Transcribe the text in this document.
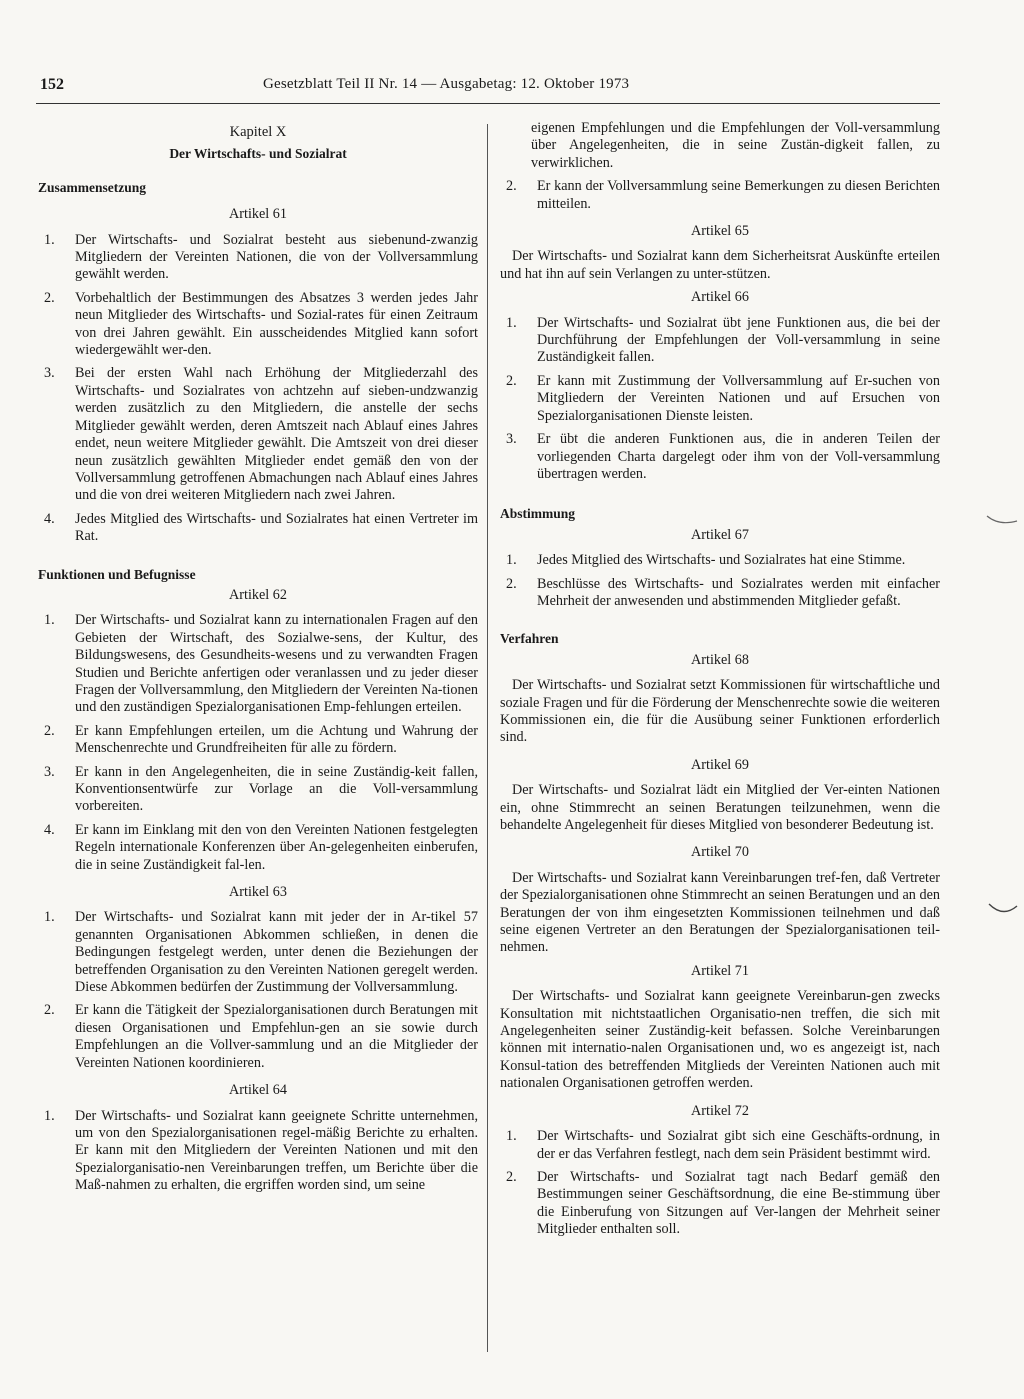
152	Gesetzblatt Teil II Nr. 14 — Ausgabetag: 12. Oktober 1973
Kapitel X
Der Wirtschafts- und Sozialrat
Zusammensetzung
Artikel 61
1.	Der Wirtschafts- und Sozialrat besteht aus siebenund-zwanzig Mitgliedern der Vereinten Nationen, die von der Vollversammlung gewählt werden.
2.	Vorbehaltlich der Bestimmungen des Absatzes 3 werden jedes Jahr neun Mitglieder des Wirtschafts- und Sozial-rates für einen Zeitraum von drei Jahren gewählt. Ein ausscheidendes Mitglied kann sofort wiedergewählt wer-den.
3.	Bei der ersten Wahl nach Erhöhung der Mitgliederzahl des Wirtschafts- und Sozialrates von achtzehn auf sieben-undzwanzig werden zusätzlich zu den Mitgliedern, die anstelle der sechs Mitglieder gewählt werden, deren Amtszeit nach Ablauf eines Jahres endet, neun weitere Mitglieder gewählt. Die Amtszeit von drei dieser neun zusätzlich gewählten Mitglieder endet gemäß den von der Vollversammlung getroffenen Abmachungen nach Ablauf eines Jahres und die von drei weiteren Mitgliedern nach zwei Jahren.
4.	Jedes Mitglied des Wirtschafts- und Sozialrates hat einen Vertreter im Rat.
Funktionen und Befugnisse
Artikel 62
1.	Der Wirtschafts- und Sozialrat kann zu internationalen Fragen auf den Gebieten der Wirtschaft, des Sozialwe-sens, der Kultur, des Bildungswesens, des Gesundheits-wesens und zu verwandten Fragen Studien und Berichte anfertigen oder veranlassen und zu jeder dieser Fragen der Vollversammlung, den Mitgliedern der Vereinten Na-tionen und den zuständigen Spezialorganisationen Emp-fehlungen erteilen.
2.	Er kann Empfehlungen erteilen, um die Achtung und Wahrung der Menschenrechte und Grundfreiheiten für alle zu fördern.
3.	Er kann in den Angelegenheiten, die in seine Zuständig-keit fallen, Konventionsentwürfe zur Vorlage an die Voll-versammlung vorbereiten.
4.	Er kann im Einklang mit den von den Vereinten Nationen festgelegten Regeln internationale Konferenzen über An-gelegenheiten einberufen, die in seine Zuständigkeit fal-len.
Artikel 63
1.	Der Wirtschafts- und Sozialrat kann mit jeder der in Ar-tikel 57 genannten Organisationen Abkommen schließen, in denen die Bedingungen festgelegt werden, unter denen die Beziehungen der betreffenden Organisation zu den Vereinten Nationen geregelt werden. Diese Abkommen bedürfen der Zustimmung der Vollversammlung.
2.	Er kann die Tätigkeit der Spezialorganisationen durch Beratungen mit diesen Organisationen und Empfehlun-gen an sie sowie durch Empfehlungen an die Vollver-sammlung und an die Mitglieder der Vereinten Nationen koordinieren.
Artikel 64
1.	Der Wirtschafts- und Sozialrat kann geeignete Schritte unternehmen, um von den Spezialorganisationen regel-mäßig Berichte zu erhalten. Er kann mit den Mitgliedern der Vereinten Nationen und mit den Spezialorganisatio-nen Vereinbarungen treffen, um Berichte über die Maß-nahmen zu erhalten, die ergriffen worden sind, um seine
eigenen Empfehlungen und die Empfehlungen der Voll-versammlung über Angelegenheiten, die in seine Zustän-digkeit fallen, zu verwirklichen.
2.	Er kann der Vollversammlung seine Bemerkungen zu diesen Berichten mitteilen.
Artikel 65
Der Wirtschafts- und Sozialrat kann dem Sicherheitsrat Auskünfte erteilen und hat ihn auf sein Verlangen zu unter-stützen.
Artikel 66
1.	Der Wirtschafts- und Sozialrat übt jene Funktionen aus, die bei der Durchführung der Empfehlungen der Voll-versammlung in seine Zuständigkeit fallen.
2.	Er kann mit Zustimmung der Vollversammlung auf Er-suchen von Mitgliedern der Vereinten Nationen und auf Ersuchen von Spezialorganisationen Dienste leisten.
3.	Er übt die anderen Funktionen aus, die in anderen Teilen der vorliegenden Charta dargelegt oder ihm von der Voll-versammlung übertragen werden.
Abstimmung
Artikel 67
1.	Jedes Mitglied des Wirtschafts- und Sozialrates hat eine Stimme.
2.	Beschlüsse des Wirtschafts- und Sozialrates werden mit einfacher Mehrheit der anwesenden und abstimmenden Mitglieder gefaßt.
Verfahren
Artikel 68
Der Wirtschafts- und Sozialrat setzt Kommissionen für wirtschaftliche und soziale Fragen und für die Förderung der Menschenrechte sowie die weiteren Kommissionen ein, die für die Ausübung seiner Funktionen erforderlich sind.
Artikel 69
Der Wirtschafts- und Sozialrat lädt ein Mitglied der Ver-einten Nationen ein, ohne Stimmrecht an seinen Beratungen teilzunehmen, wenn die behandelte Angelegenheit für dieses Mitglied von besonderer Bedeutung ist.
Artikel 70
Der Wirtschafts- und Sozialrat kann Vereinbarungen tref-fen, daß Vertreter der Spezialorganisationen ohne Stimmrecht an seinen Beratungen und an den Beratungen der von ihm eingesetzten Kommissionen teilnehmen und daß seine eigenen Vertreter an den Beratungen der Spezialorganisationen teil-nehmen.
Artikel 71
Der Wirtschafts- und Sozialrat kann geeignete Vereinbarun-gen zwecks Konsultation mit nichtstaatlichen Organisatio-nen treffen, die sich mit Angelegenheiten seiner Zuständig-keit befassen. Solche Vereinbarungen können mit internatio-nalen Organisationen und, wo es angezeigt ist, nach Konsul-tation des betreffenden Mitglieds der Vereinten Nationen auch mit nationalen Organisationen getroffen werden.
Artikel 72
1.	Der Wirtschafts- und Sozialrat gibt sich eine Geschäfts-ordnung, in der er das Verfahren festlegt, nach dem sein Präsident bestimmt wird.
2.	Der Wirtschafts- und Sozialrat tagt nach Bedarf gemäß den Bestimmungen seiner Geschäftsordnung, die eine Be-stimmung über die Einberufung von Sitzungen auf Ver-langen der Mehrheit seiner Mitglieder enthalten soll.
